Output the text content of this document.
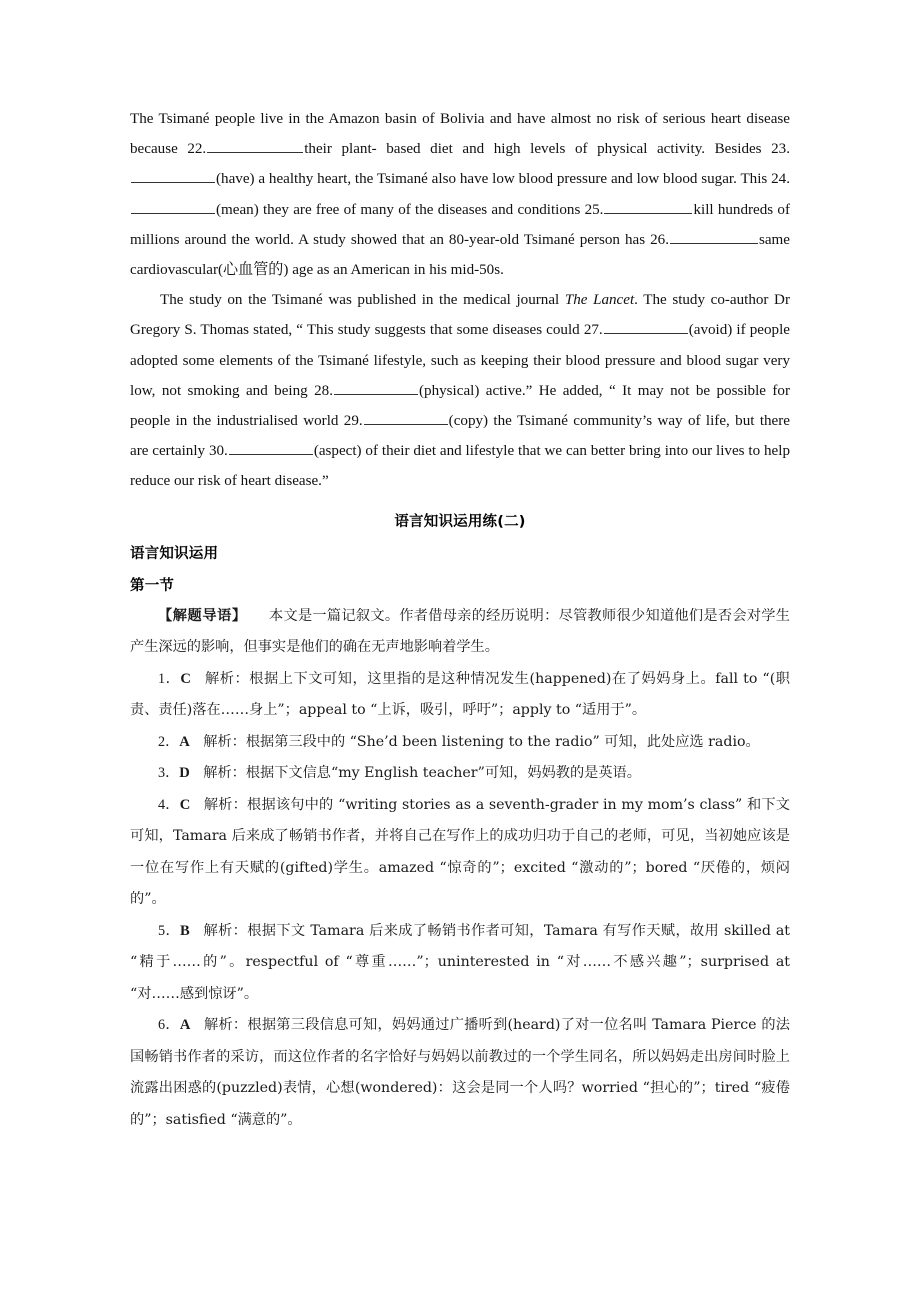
The Tsimané people live in the Amazon basin of Bolivia and have almost no risk of serious heart disease because 22.	their plant- based diet and high levels of physical activity. Besides 23.(have) a healthy heart, the Tsimané also have low blood pressure and low blood sugar. This 24.(mean) they are free of many of the diseases and conditions 25.	kill hundreds of millions around the world. A study showed that an 80-year-old Tsimané person has 26.	same cardiovascular(心血管的) age as an American in his mid-50s.

The study on the Tsimané was published in the medical journal The Lancet. The study co-author Dr Gregory S. Thomas stated, “ This study suggests that some diseases could 27.	(avoid) if people adopted some elements of the Tsimané lifestyle, such as keeping their blood pressure and blood sugar very low, not smoking and being 28.	(physical) active.” He added, “ It may not be possible for people in the industrialised world 29.	(copy) the Tsimané community’s way of life, but there are certainly 30.	(aspect) of their diet and lifestyle that we can better bring into our lives to help reduce our risk of heart disease.”

语言知识运用练(二)

语言知识运用

第一节

【解题导语】 本文是一篇记叙文。作者借母亲的经历说明：尽管教师很少知道他们是否会对学生产生深远的影响，但事实是他们的确在无声地影响着学生。

1．C 解析：根据上下文可知，这里指的是这种情况发生(happened)在了妈妈身上。fall to “(职责、责任)落在……身上”；appeal to “上诉，吸引，呼吁”；apply to “适用于”。

2．A 解析：根据第三段中的 “She’d been listening to the radio” 可知，此处应选 radio。

3．D 解析：根据下文信息“my English teacher”可知，妈妈教的是英语。

4．C 解析：根据该句中的 “writing stories as a seventh-grader in my mom’s class” 和下文可知，Tamara 后来成了畅销书作者，并将自己在写作上的成功归功于自己的老师，可见，当初她应该是一位在写作上有天赋的(gifted)学生。amazed “惊奇的”；excited “激动的”；bored “厌倦的，烦闷的”。

5．B 解析：根据下文 Tamara 后来成了畅销书作者可知，Tamara 有写作天赋，故用 skilled at “精于……的”。respectful of “尊重……”；uninterested in “对……不感兴趣”；surprised at “对……感到惊讶”。

6．A 解析：根据第三段信息可知，妈妈通过广播听到(heard)了对一位名叫 Tamara Pierce 的法国畅销书作者的采访，而这位作者的名字恰好与妈妈以前教过的一个学生同名，所以妈妈走出房间时脸上流露出困惑的(puzzled)表情，心想(wondered)：这会是同一个人吗？worried “担心的”；tired “疲倦的”；satisfied “满意的”。
